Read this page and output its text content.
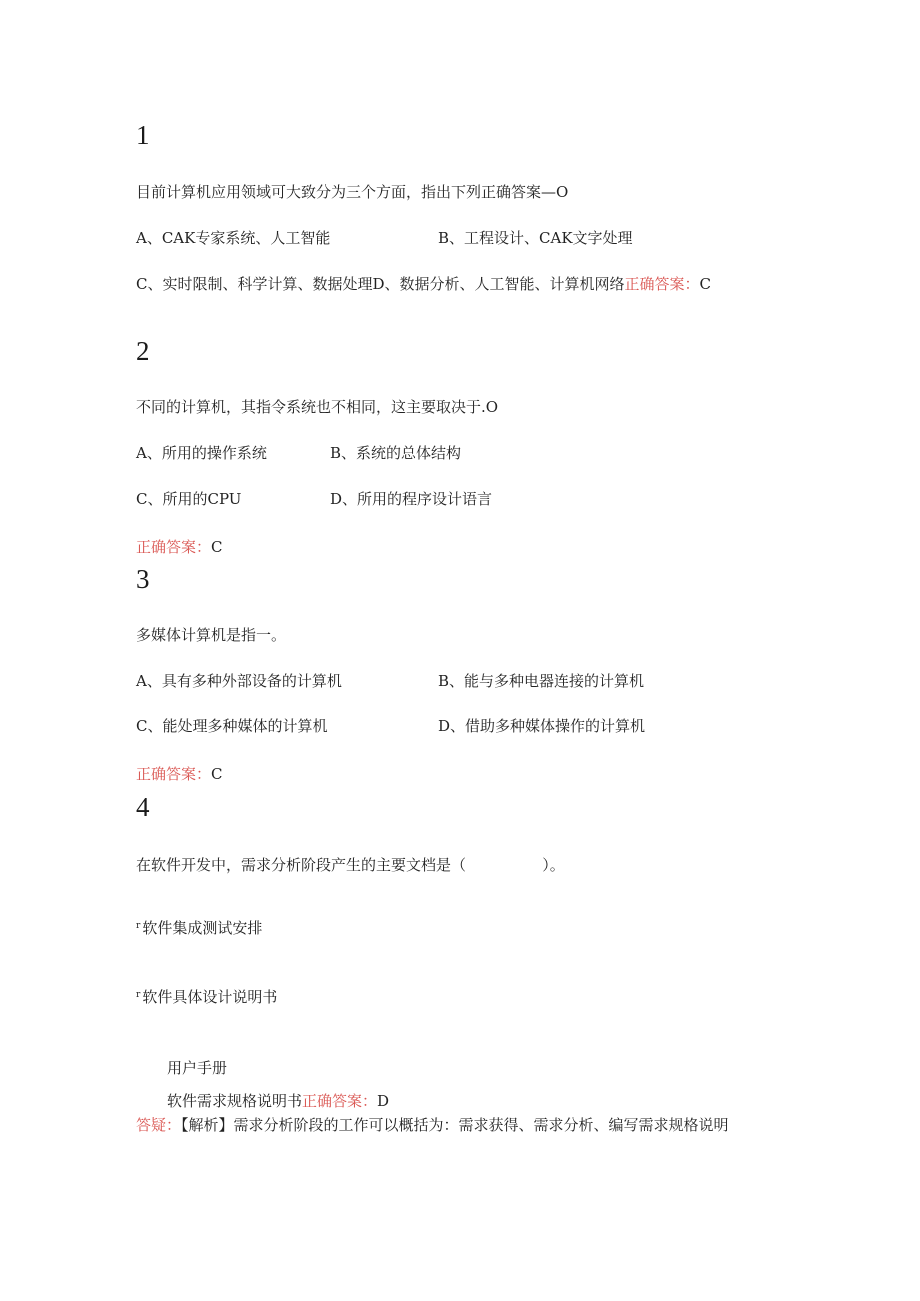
1
目前计算机应用领域可大致分为三个方面，指出下列正确答案—O
A、CAK专家系统、人工智能	B、工程设计、CAK文字处理
C、实时限制、科学计算、数据处理D、数据分析、人工智能、计算机网络正确答案：C
2
不同的计算机，其指令系统也不相同，这主要取决于.O
A、所用的操作系统	B、系统的总体结构
C、所用的CPU	D、所用的程序设计语言
正确答案：C
3
多媒体计算机是指一。
A、具有多种外部设备的计算机	B、能与多种电器连接的计算机
C、能处理多种媒体的计算机	D、借助多种媒体操作的计算机
正确答案：C
4
在软件开发中，需求分析阶段产生的主要文档是（                ）。
$^r$ 软件集成测试安排
$^r$ 软件具体设计说明书
用户手册
软件需求规格说明书正确答案：D
答疑：【解析】需求分析阶段的工作可以概括为：需求获得、需求分析、编写需求规格说明
